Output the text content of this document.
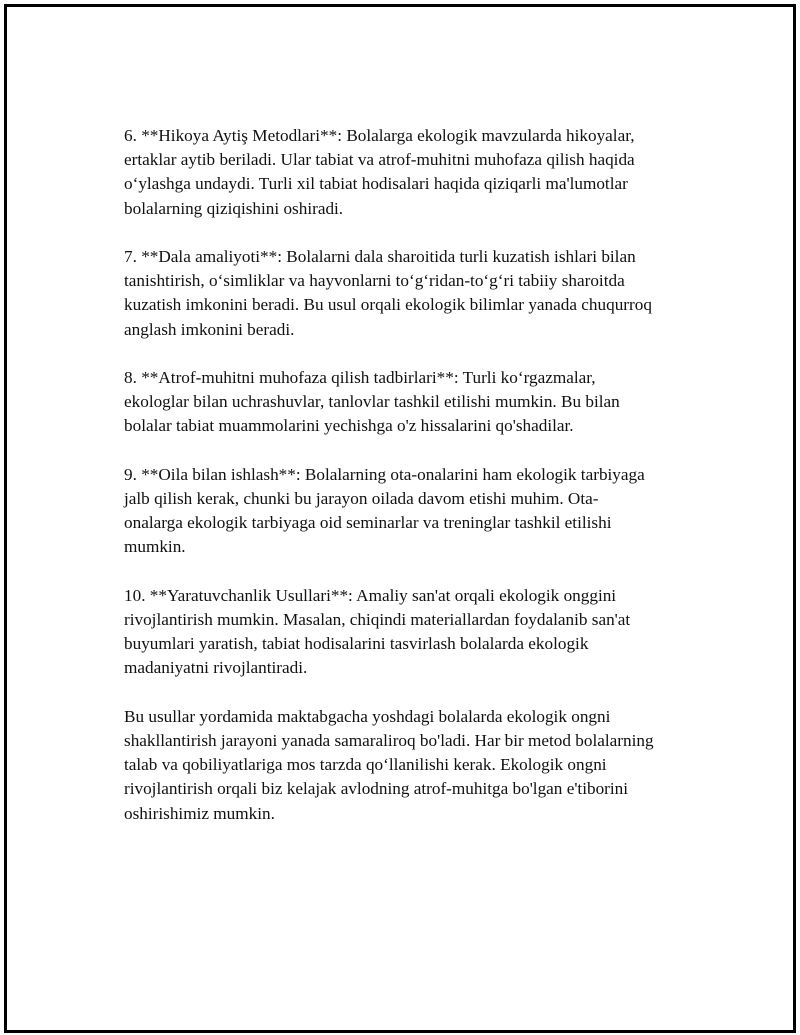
6. **Hikoya Aytiş Metodlari**: Bolalarga ekologik mavzularda hikoyalar,
ertaklar aytib beriladi. Ular tabiat va atrof-muhitni muhofaza qilish haqida
o‘ylashga undaydi. Turli xil tabiat hodisalari haqida qiziqarli ma'lumotlar
bolalarning qiziqishini oshiradi.

7. **Dala amaliyoti**: Bolalarni dala sharoitida turli kuzatish ishlari bilan
tanishtirish, o‘simliklar va hayvonlarni to‘g‘ridan-to‘g‘ri tabiiy sharoitda
kuzatish imkonini beradi. Bu usul orqali ekologik bilimlar yanada chuqurroq
anglash imkonini beradi.

8. **Atrof-muhitni muhofaza qilish tadbirlari**: Turli ko‘rgazmalar,
ekologlar bilan uchrashuvlar, tanlovlar tashkil etilishi mumkin. Bu bilan
bolalar tabiat muammolarini yechishga o'z hissalarini qo'shadilar.

9. **Oila bilan ishlash**: Bolalarning ota-onalarini ham ekologik tarbiyaga
jalb qilish kerak, chunki bu jarayon oilada davom etishi muhim. Ota-
onalarga ekologik tarbiyaga oid seminarlar va treninglar tashkil etilishi
mumkin.

10. **Yaratuvchanlik Usullari**: Amaliy san'at orqali ekologik onggini
rivojlantirish mumkin. Masalan, chiqindi materiallardan foydalanib san'at
buyumlari yaratish, tabiat hodisalarini tasvirlash bolalarda ekologik
madaniyatni rivojlantiradi.

Bu usullar yordamida maktabgacha yoshdagi bolalarda ekologik ongni
shakllantirish jarayoni yanada samaraliroq bo'ladi. Har bir metod bolalarning
talab va qobiliyatlariga mos tarzda qo‘llanilishi kerak. Ekologik ongni
rivojlantirish orqali biz kelajak avlodning atrof-muhitga bo'lgan e'tiborini
oshirishimiz mumkin.
